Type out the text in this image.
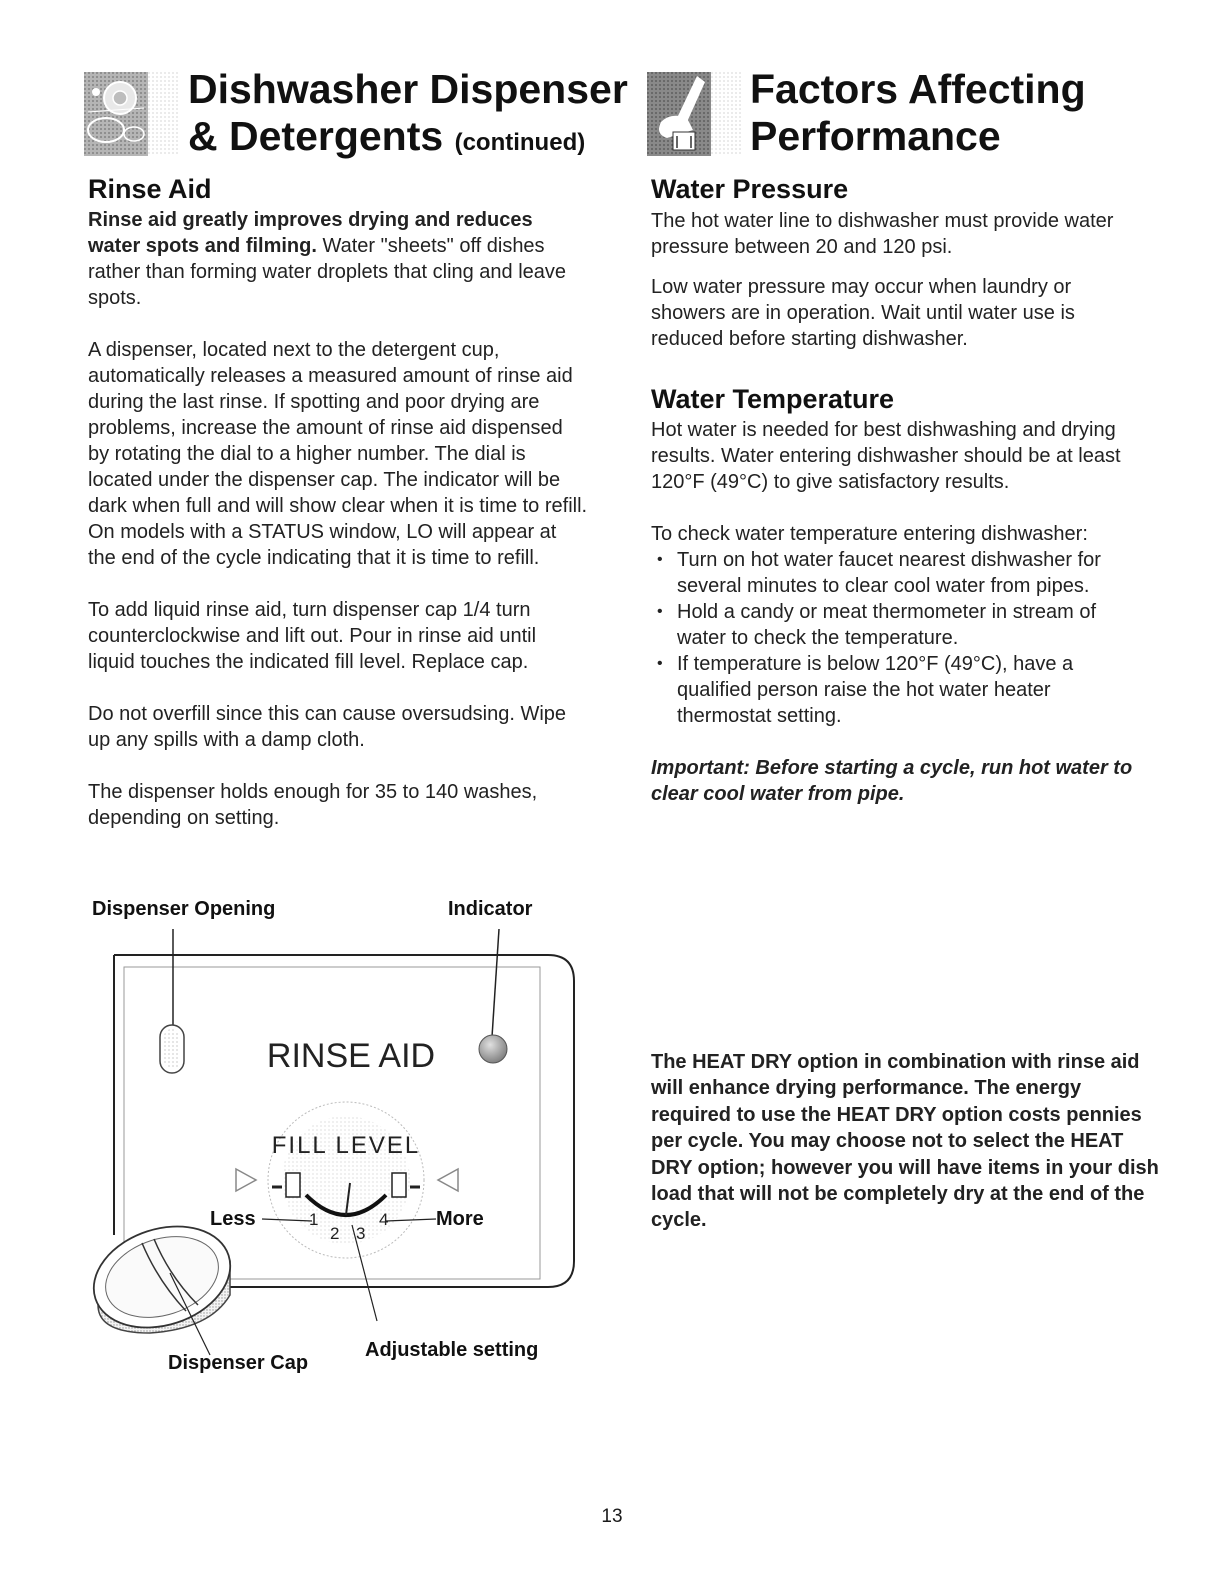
Dishwasher Dispenser
& Detergents (continued)
Rinse Aid

Rinse aid greatly improves drying and reduces water spots and filming. Water "sheets" off dishes rather than forming water droplets that cling and leave spots.

A dispenser, located next to the detergent cup, automatically releases a measured amount of rinse aid during the last rinse. If spotting and poor drying are problems, increase the amount of rinse aid dispensed by rotating the dial to a higher number. The dial is located under the dispenser cap. The indicator will be dark when full and will show clear when it is time to refill. On models with a STATUS window, LO will appear at the end of the cycle indicating that it is time to refill.

To add liquid rinse aid, turn dispenser cap 1/4 turn counterclockwise and lift out. Pour in rinse aid until liquid touches the indicated fill level. Replace cap.

Do not overfill since this can cause oversudsing. Wipe up any spills with a damp cloth.

The dispenser holds enough for 35 to 140 washes, depending on setting.

Dispenser Opening	Indicator
RINSE AID
FILL LEVEL
Less	More
1
2 3
4
Dispenser Cap
Adjustable setting
Factors Affecting
Performance
Water Pressure

The hot water line to dishwasher must provide water pressure between 20 and 120 psi.

Low water pressure may occur when laundry or showers are in operation. Wait until water use is reduced before starting dishwasher.

Water Temperature

Hot water is needed for best dishwashing and drying results. Water entering dishwasher should be at least 120°F (49°C) to give satisfactory results.

To check water temperature entering dishwasher:

• Turn on hot water faucet nearest dishwasher for several minutes to clear cool water from pipes.
• Hold a candy or meat thermometer in stream of water to check the temperature.
• If temperature is below 120°F (49°C), have a qualified person raise the hot water heater thermostat setting.

Important: Before starting a cycle, run hot water to clear cool water from pipe.

The HEAT DRY option in combination with rinse aid will enhance drying performance. The energy required to use the HEAT DRY option costs pennies per cycle. You may choose not to select the HEAT DRY option; however you will have items in your dish load that will not be completely dry at the end of the cycle.
13
